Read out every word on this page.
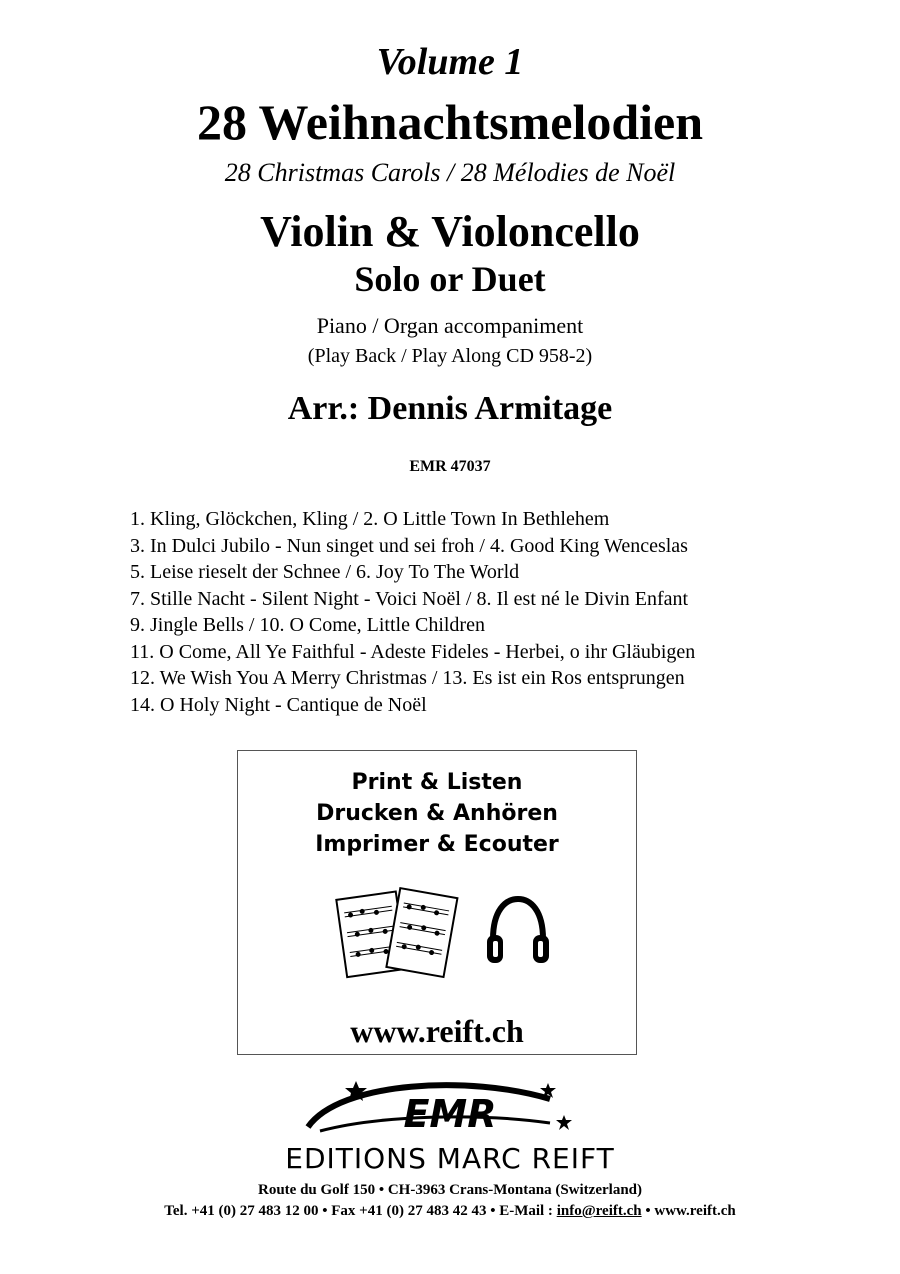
Volume 1
28 Weihnachtsmelodien
28 Christmas Carols / 28 Mélodies de Noël
Violin & Violoncello
Solo or Duet
Piano / Organ accompaniment
(Play Back / Play Along CD 958-2)
Arr.: Dennis Armitage
EMR 47037
1. Kling, Glöckchen, Kling / 2. O Little Town In Bethlehem
3. In Dulci Jubilo - Nun singet und sei froh / 4. Good King Wenceslas
5. Leise rieselt der Schnee / 6. Joy To The World
7. Stille Nacht - Silent Night - Voici Noël / 8. Il est né le Divin Enfant
9. Jingle Bells / 10. O Come, Little Children
11. O Come, All Ye Faithful - Adeste Fideles - Herbei, o ihr Gläubigen
12. We Wish You A Merry Christmas / 13. Es ist ein Ros entsprungen
14. O Holy Night - Cantique de Noël
Print & Listen
Drucken & Anhören
Imprimer & Ecouter
www.reift.ch
EMR
EDITIONS MARC REIFT
Route du Golf 150 • CH-3963 Crans-Montana (Switzerland)
Tel. +41 (0) 27 483 12 00 • Fax +41 (0) 27 483 42 43 • E-Mail : info@reift.ch • www.reift.ch
